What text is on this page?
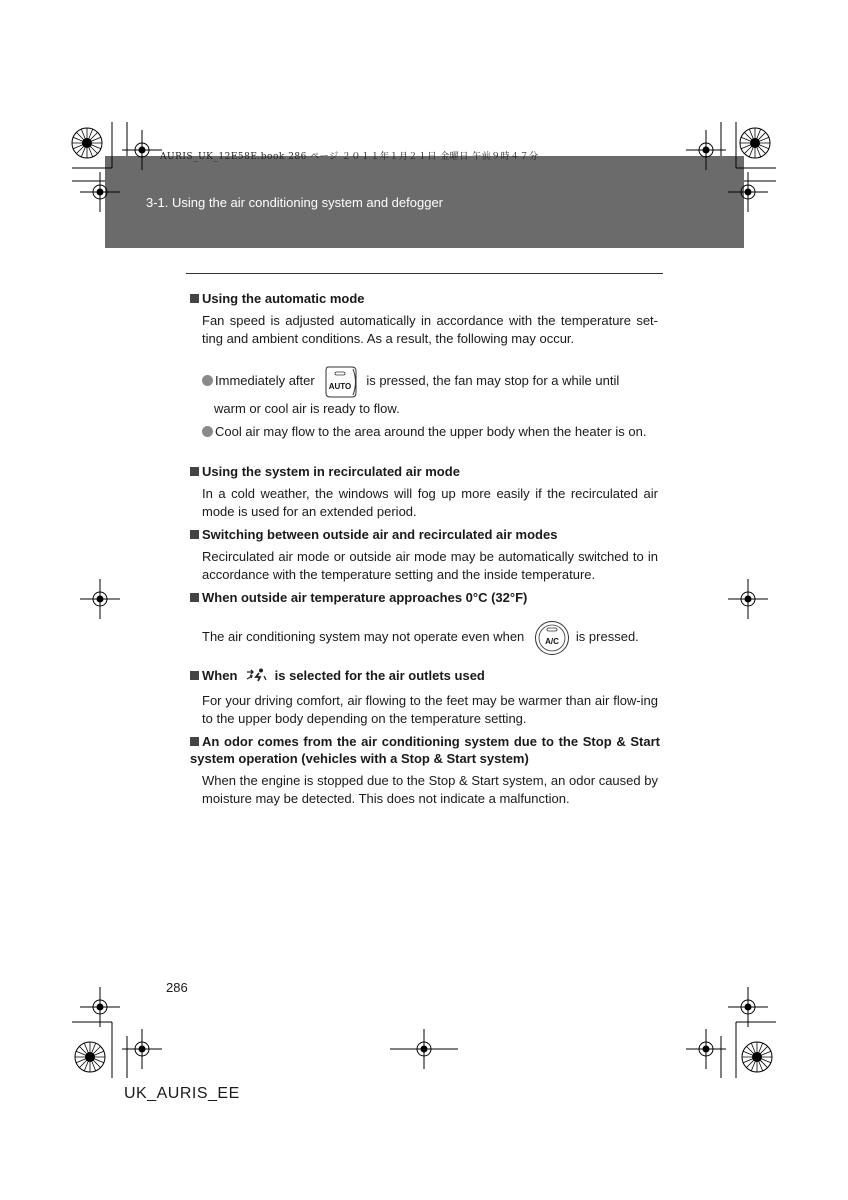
AURIS_UK_12E58E.book 286 ページ ２０１１年１月２１日 金曜日 午前９時４７分
3-1. Using the air conditioning system and defogger
Using the automatic mode
Fan speed is adjusted automatically in accordance with the temperature set-ting and ambient conditions. As a result, the following may occur.
Immediately after AUTO is pressed, the fan may stop for a while until
warm or cool air is ready to flow.
Cool air may flow to the area around the upper body when the heater is on.
Using the system in recirculated air mode
In a cold weather, the windows will fog up more easily if the recirculated air mode is used for an extended period.
Switching between outside air and recirculated air modes
Recirculated air mode or outside air mode may be automatically switched to in accordance with the temperature setting and the inside temperature.
When outside air temperature approaches 0°C (32°F)
The air conditioning system may not operate even when	A/C is pressed.
When	is selected for the air outlets used
For your driving comfort, air flowing to the feet may be warmer than air flow-ing to the upper body depending on the temperature setting.
An odor comes from the air conditioning system due to the Stop & Start system operation (vehicles with a Stop & Start system)
When the engine is stopped due to the Stop & Start system, an odor caused by moisture may be detected. This does not indicate a malfunction.
286
UK_AURIS_EE
